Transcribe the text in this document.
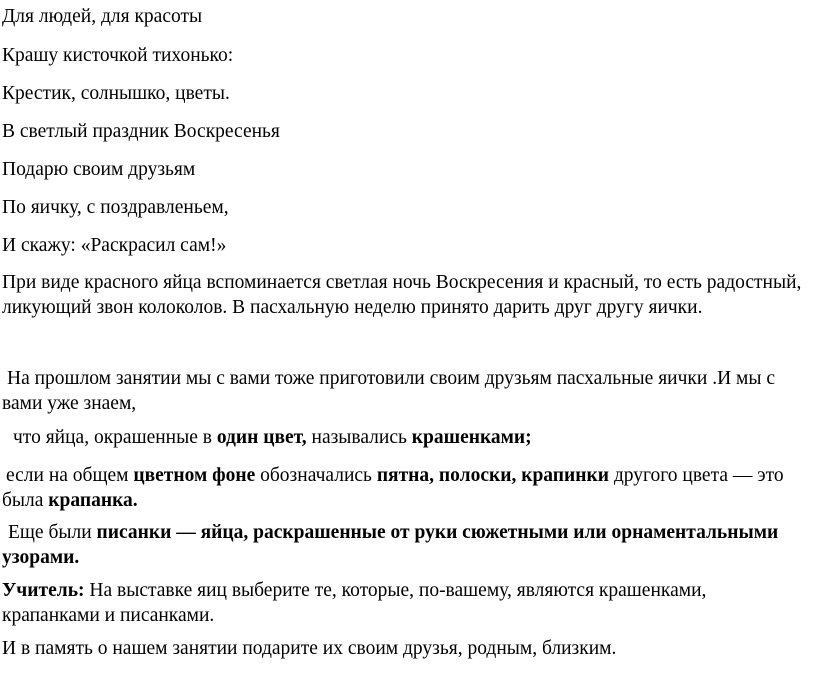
Для людей, для красоты

Крашу кисточкой тихонько:

Крестик, солнышко, цветы.

В светлый праздник Воскресенья

Подарю своим друзьям

По яичку, с поздравленьем,

И скажу: «Раскрасил сам!»

При виде красного яйца вспоминается светлая ночь Воскресения и красный, то есть радостный, ликующий звон колоколов. В пасхальную неделю принято дарить друг другу яички.

На прошлом занятии мы с вами тоже приготовили своим друзьям пасхальные яички .И мы с вами уже знаем,

что яйца, окрашенные в один цвет, назывались крашенками;

если на общем цветном фоне обозначались пятна, полоски, крапинки другого цвета — это была крапанка.

Еще были писанки — яйца, раскрашенные от руки сюжетными или орнаментальными узорами.

Учитель: На выставке яиц выберите те, которые, по-вашему, являются крашенками, крапанками и писанками.

И в память о нашем занятии подарите их своим друзья, родным, близким.
